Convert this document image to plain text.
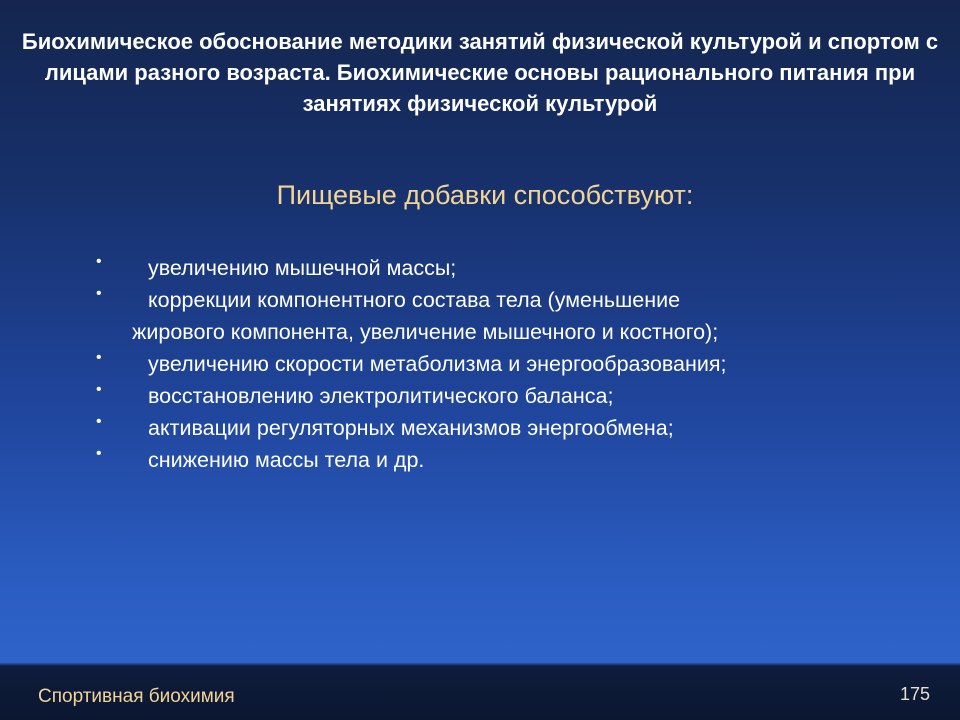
Биохимическое обоснование методики занятий физической культурой и спортом с лицами разного возраста. Биохимические основы рационального питания при занятиях физической культурой

Пищевые добавки способствуют:

• увеличению мышечной массы;
• коррекции компонентного состава тела (уменьшение
жирового компонента, увеличение мышечного и костного);
• увеличению скорости метаболизма и энергообразования;
• восстановлению электролитического баланса;
• активации регуляторных механизмов энергообмена;
• снижению массы тела и др.

Спортивная биохимия	175
